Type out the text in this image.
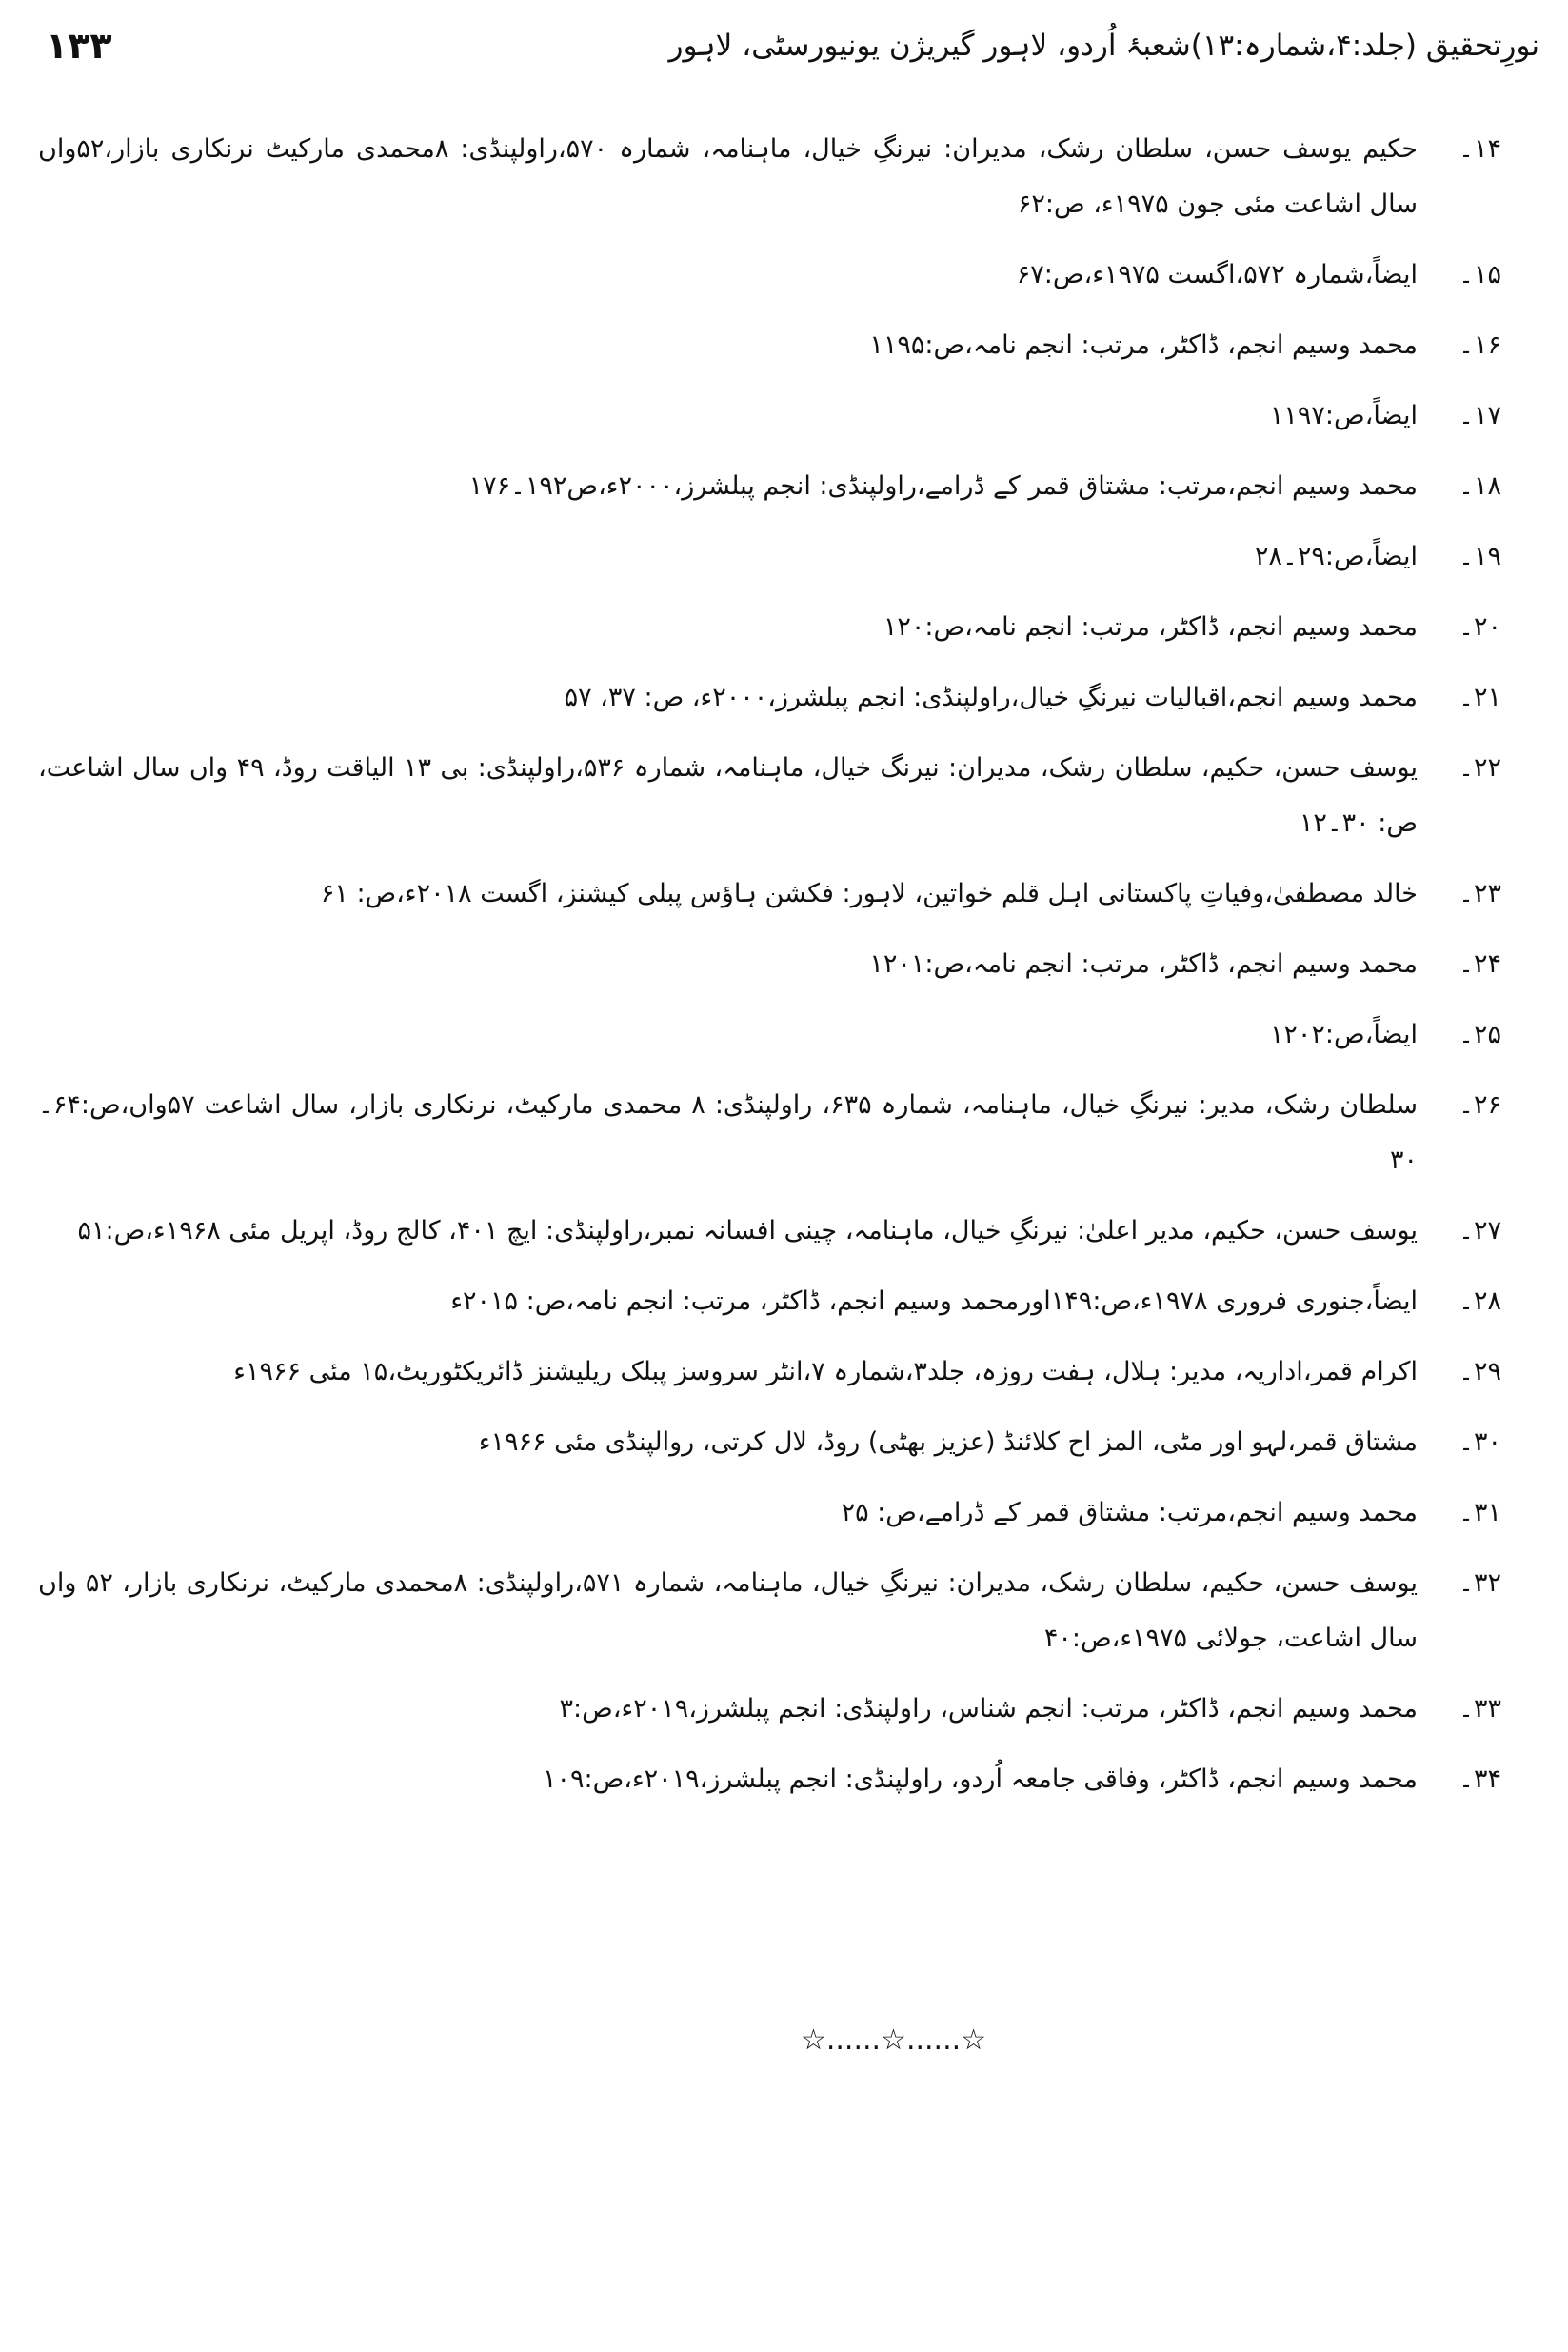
نورِتحقیق (جلد:۴،شمارہ:۱۳)شعبۂ اُردو، لاہور گیریژن یونیورسٹی، لاہور
۱۳۳
۱۴۔
حکیم یوسف حسن، سلطان رشک، مدیران: نیرنگِ خیال، ماہنامہ، شمارہ ۵۷۰،راولپنڈی: ۸محمدی مارکیٹ نرنکاری بازار،۵۲واں سال اشاعت مئی جون ۱۹۷۵ء، ص:۶۲
۱۵۔
ایضاً،شمارہ ۵۷۲،اگست ۱۹۷۵ء،ص:۶۷
۱۶۔
محمد وسیم انجم، ڈاکٹر، مرتب: انجم نامہ،ص:۱۱۹۵
۱۷۔
ایضاً،ص:۱۱۹۷
۱۸۔
محمد وسیم انجم،مرتب: مشتاق قمر کے ڈرامے،راولپنڈی: انجم پبلشرز،۲۰۰۰ء،ص۱۹۲۔۱۷۶
۱۹۔
ایضاً،ص:۲۹۔۲۸
۲۰۔
محمد وسیم انجم، ڈاکٹر، مرتب: انجم نامہ،ص:۱۲۰
۲۱۔
محمد وسیم انجم،اقبالیات نیرنگِ خیال،راولپنڈی: انجم پبلشرز،۲۰۰۰ء، ص: ۳۷، ۵۷
۲۲۔
یوسف حسن، حکیم، سلطان رشک، مدیران: نیرنگ خیال، ماہنامہ، شمارہ ۵۳۶،راولپنڈی: بی ۱۳ الیاقت روڈ، ۴۹ واں سال اشاعت، ص: ۳۰۔۱۲
۲۳۔
خالد مصطفیٰ،وفیاتِ پاکستانی اہل قلم خواتین، لاہور: فکشن ہاؤس پبلی کیشنز، اگست ۲۰۱۸ء،ص: ۶۱
۲۴۔
محمد وسیم انجم، ڈاکٹر، مرتب: انجم نامہ،ص:۱۲۰۱
۲۵۔
ایضاً،ص:۱۲۰۲
۲۶۔
سلطان رشک، مدیر: نیرنگِ خیال، ماہنامہ، شمارہ ۶۳۵، راولپنڈی: ۸ محمدی مارکیٹ، نرنکاری بازار، سال اشاعت ۵۷واں،ص:۶۴۔۳۰
۲۷۔
یوسف حسن، حکیم، مدیر اعلیٰ: نیرنگِ خیال، ماہنامہ، چینی افسانہ نمبر،راولپنڈی: ایچ ۴۰۱، کالج روڈ، اپریل مئی ۱۹۶۸ء،ص:۵۱
۲۸۔
ایضاً،جنوری فروری ۱۹۷۸ء،ص:۱۴۹اورمحمد وسیم انجم، ڈاکٹر، مرتب: انجم نامہ،ص: ۲۰۱۵ء
۲۹۔
اکرام قمر،اداریہ، مدیر: ہلال، ہفت روزہ، جلد۳،شمارہ ۷،انٹر سروسز پبلک ریلیشنز ڈائریکٹوریٹ،۱۵ مئی ۱۹۶۶ء
۳۰۔
مشتاق قمر،لہو اور مٹی، المز اح کلائنڈ (عزیز بھٹی) روڈ، لال کرتی، روالپنڈی مئی ۱۹۶۶ء
۳۱۔
محمد وسیم انجم،مرتب: مشتاق قمر کے ڈرامے،ص: ۲۵
۳۲۔
یوسف حسن، حکیم، سلطان رشک، مدیران: نیرنگِ خیال، ماہنامہ، شمارہ ۵۷۱،راولپنڈی: ۸محمدی مارکیٹ، نرنکاری بازار، ۵۲ واں سال اشاعت، جولائی ۱۹۷۵ء،ص:۴۰
۳۳۔
محمد وسیم انجم، ڈاکٹر، مرتب: انجم شناس، راولپنڈی: انجم پبلشرز،۲۰۱۹ء،ص:۳
۳۴۔
محمد وسیم انجم، ڈاکٹر، وفاقی جامعہ اُردو، راولپنڈی: انجم پبلشرز،۲۰۱۹ء،ص:۱۰۹
☆......☆......☆
